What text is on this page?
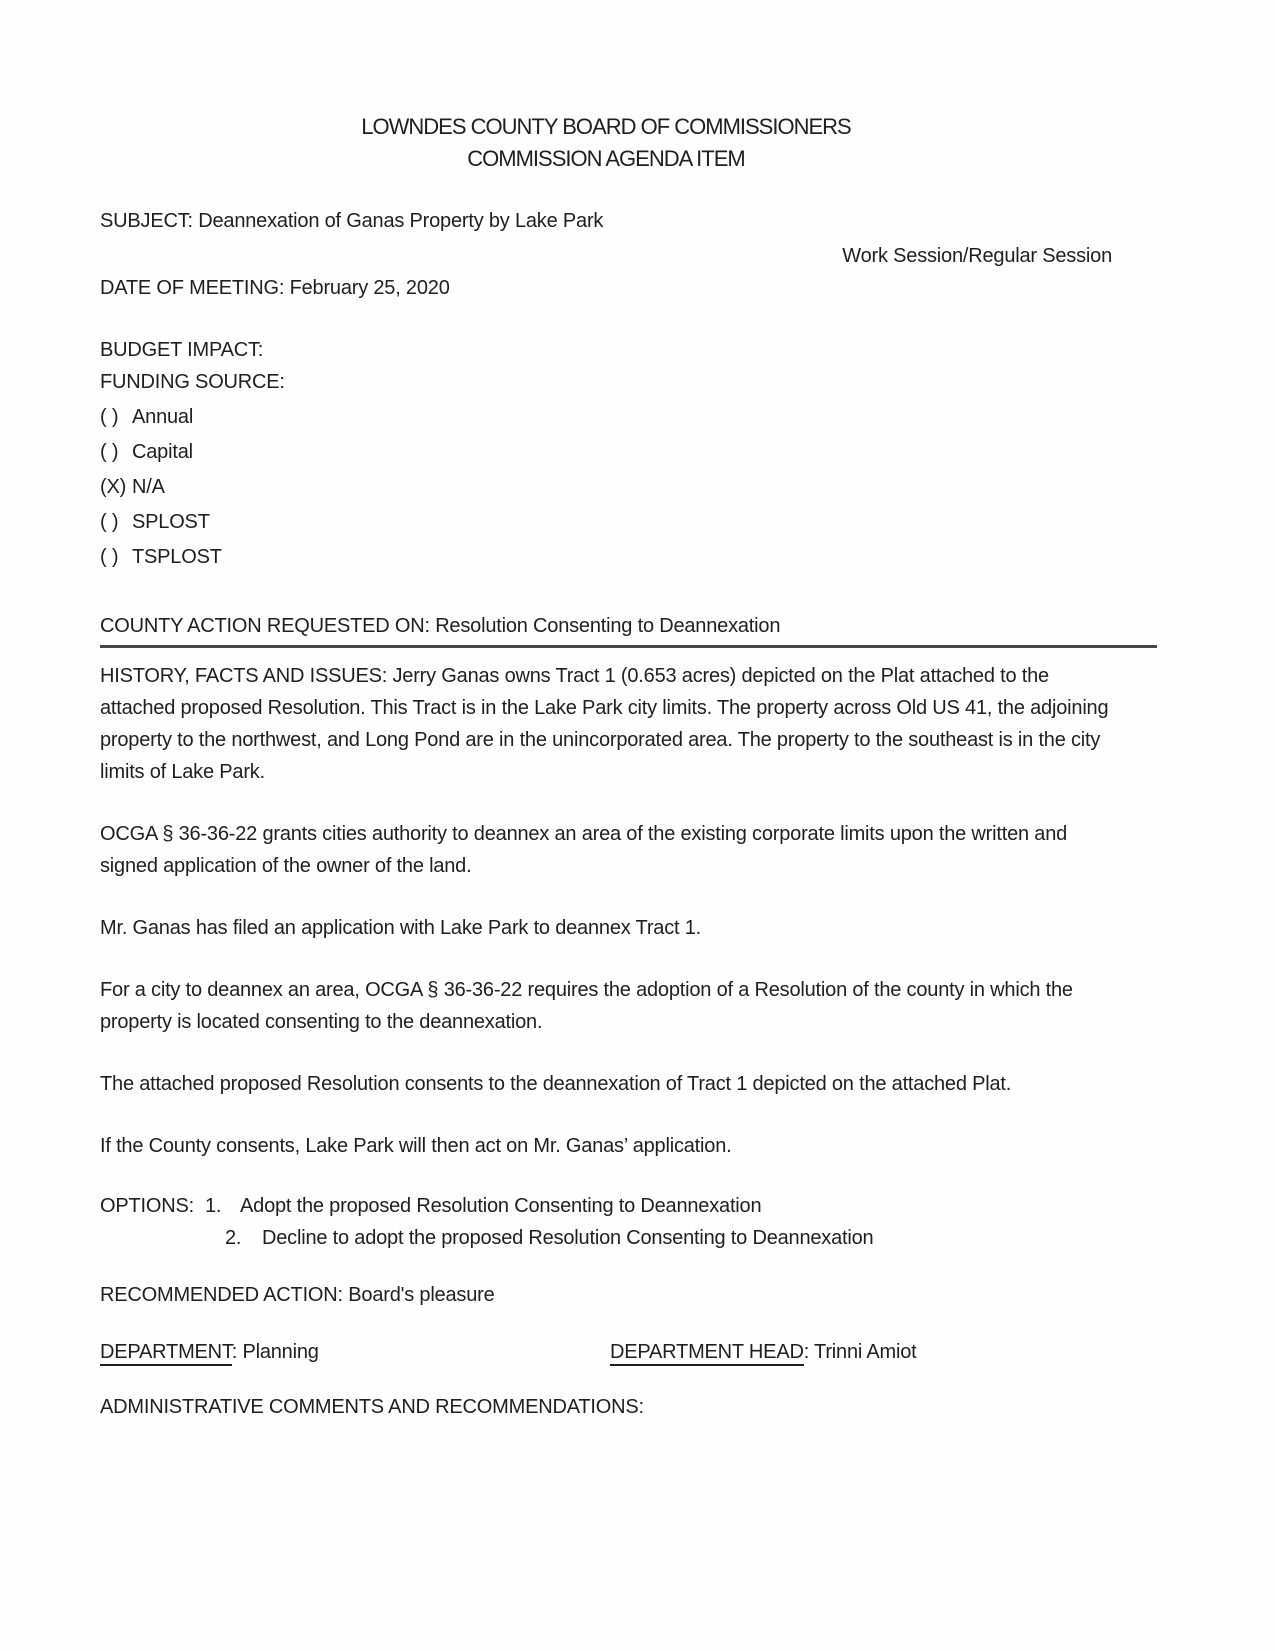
LOWNDES COUNTY BOARD OF COMMISSIONERS
COMMISSION AGENDA ITEM

SUBJECT: Deannexation of Ganas Property by Lake Park

Work Session/Regular Session

DATE OF MEETING: February 25, 2020

BUDGET IMPACT:

FUNDING SOURCE:

( ) Annual
( ) Capital
(X) N/A
( ) SPLOST
( ) TSPLOST

COUNTY ACTION REQUESTED ON: Resolution Consenting to Deannexation

HISTORY, FACTS AND ISSUES: Jerry Ganas owns Tract 1 (0.653 acres) depicted on the Plat attached to the attached proposed Resolution. This Tract is in the Lake Park city limits. The property across Old US 41, the adjoining property to the northwest, and Long Pond are in the unincorporated area. The property to the southeast is in the city limits of Lake Park.

OCGA § 36-36-22 grants cities authority to deannex an area of the existing corporate limits upon the written and signed application of the owner of the land.

Mr. Ganas has filed an application with Lake Park to deannex Tract 1.

For a city to deannex an area, OCGA § 36-36-22 requires the adoption of a Resolution of the county in which the property is located consenting to the deannexation.

The attached proposed Resolution consents to the deannexation of Tract 1 depicted on the attached Plat.

If the County consents, Lake Park will then act on Mr. Ganas’ application.

OPTIONS: 1. Adopt the proposed Resolution Consenting to Deannexation

2. Decline to adopt the proposed Resolution Consenting to Deannexation

RECOMMENDED ACTION: Board's pleasure

DEPARTMENT: Planning	DEPARTMENT HEAD: Trinni Amiot

ADMINISTRATIVE COMMENTS AND RECOMMENDATIONS:
